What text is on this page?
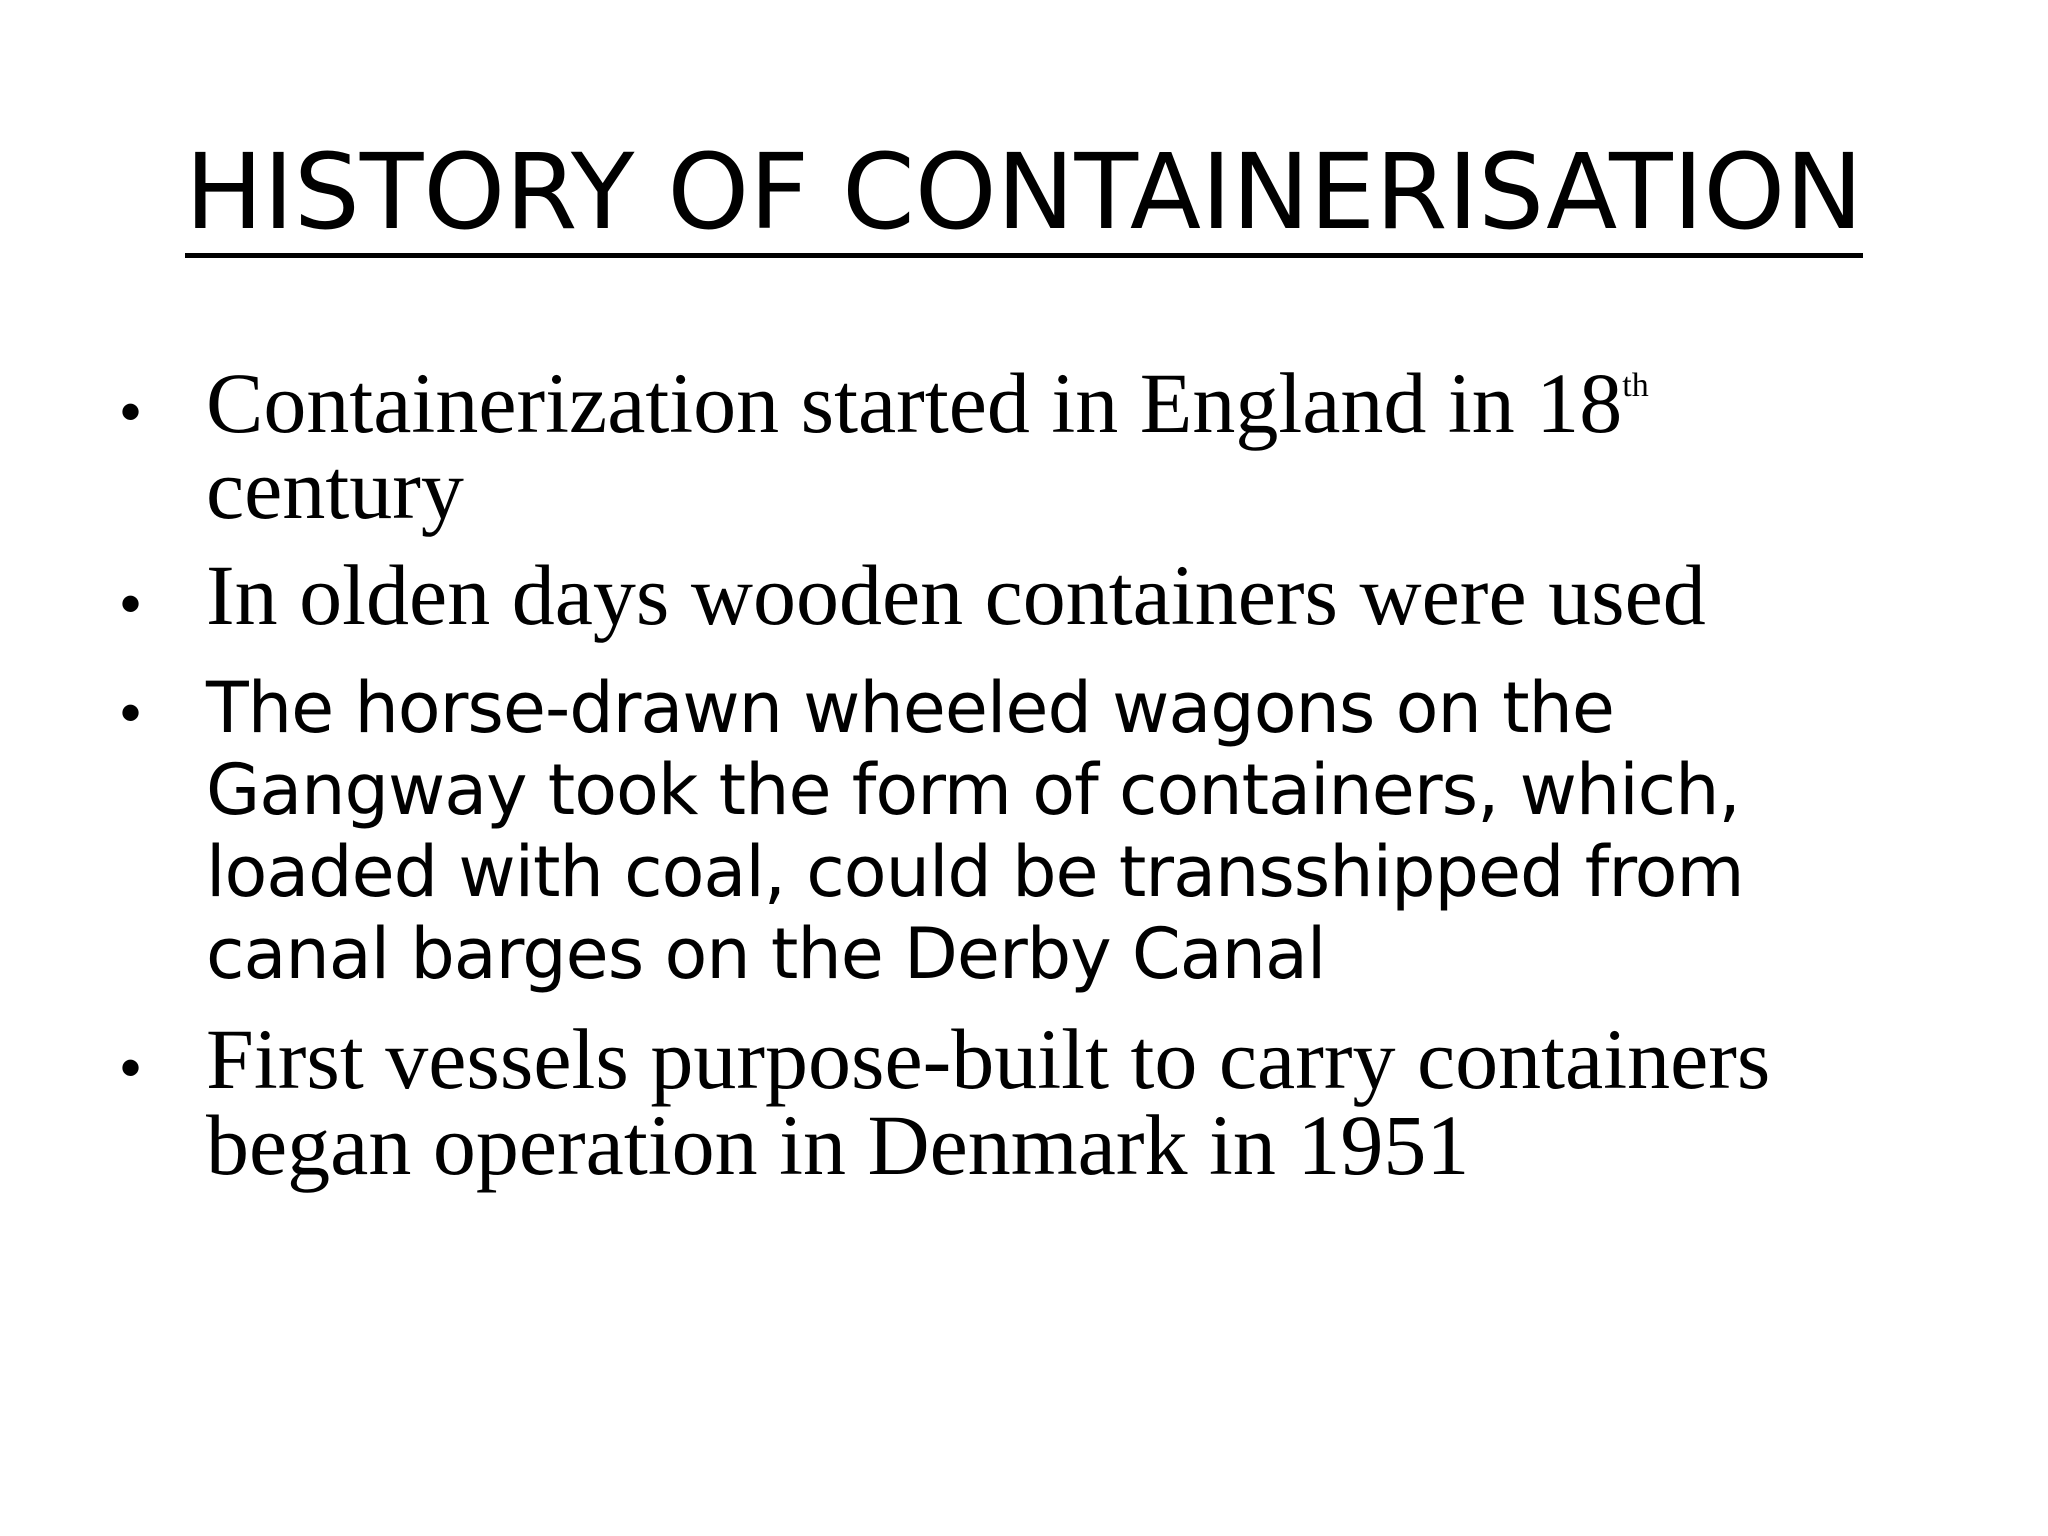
HISTORY OF CONTAINERISATION
• Containerization started in England in 18th
century
• In olden days wooden containers were used
• The horse-drawn wheeled wagons on the Gangway took the form of containers, which, loaded with coal, could be transshipped from canal barges on the Derby Canal
• First vessels purpose-built to carry containers began operation in Denmark in 1951
